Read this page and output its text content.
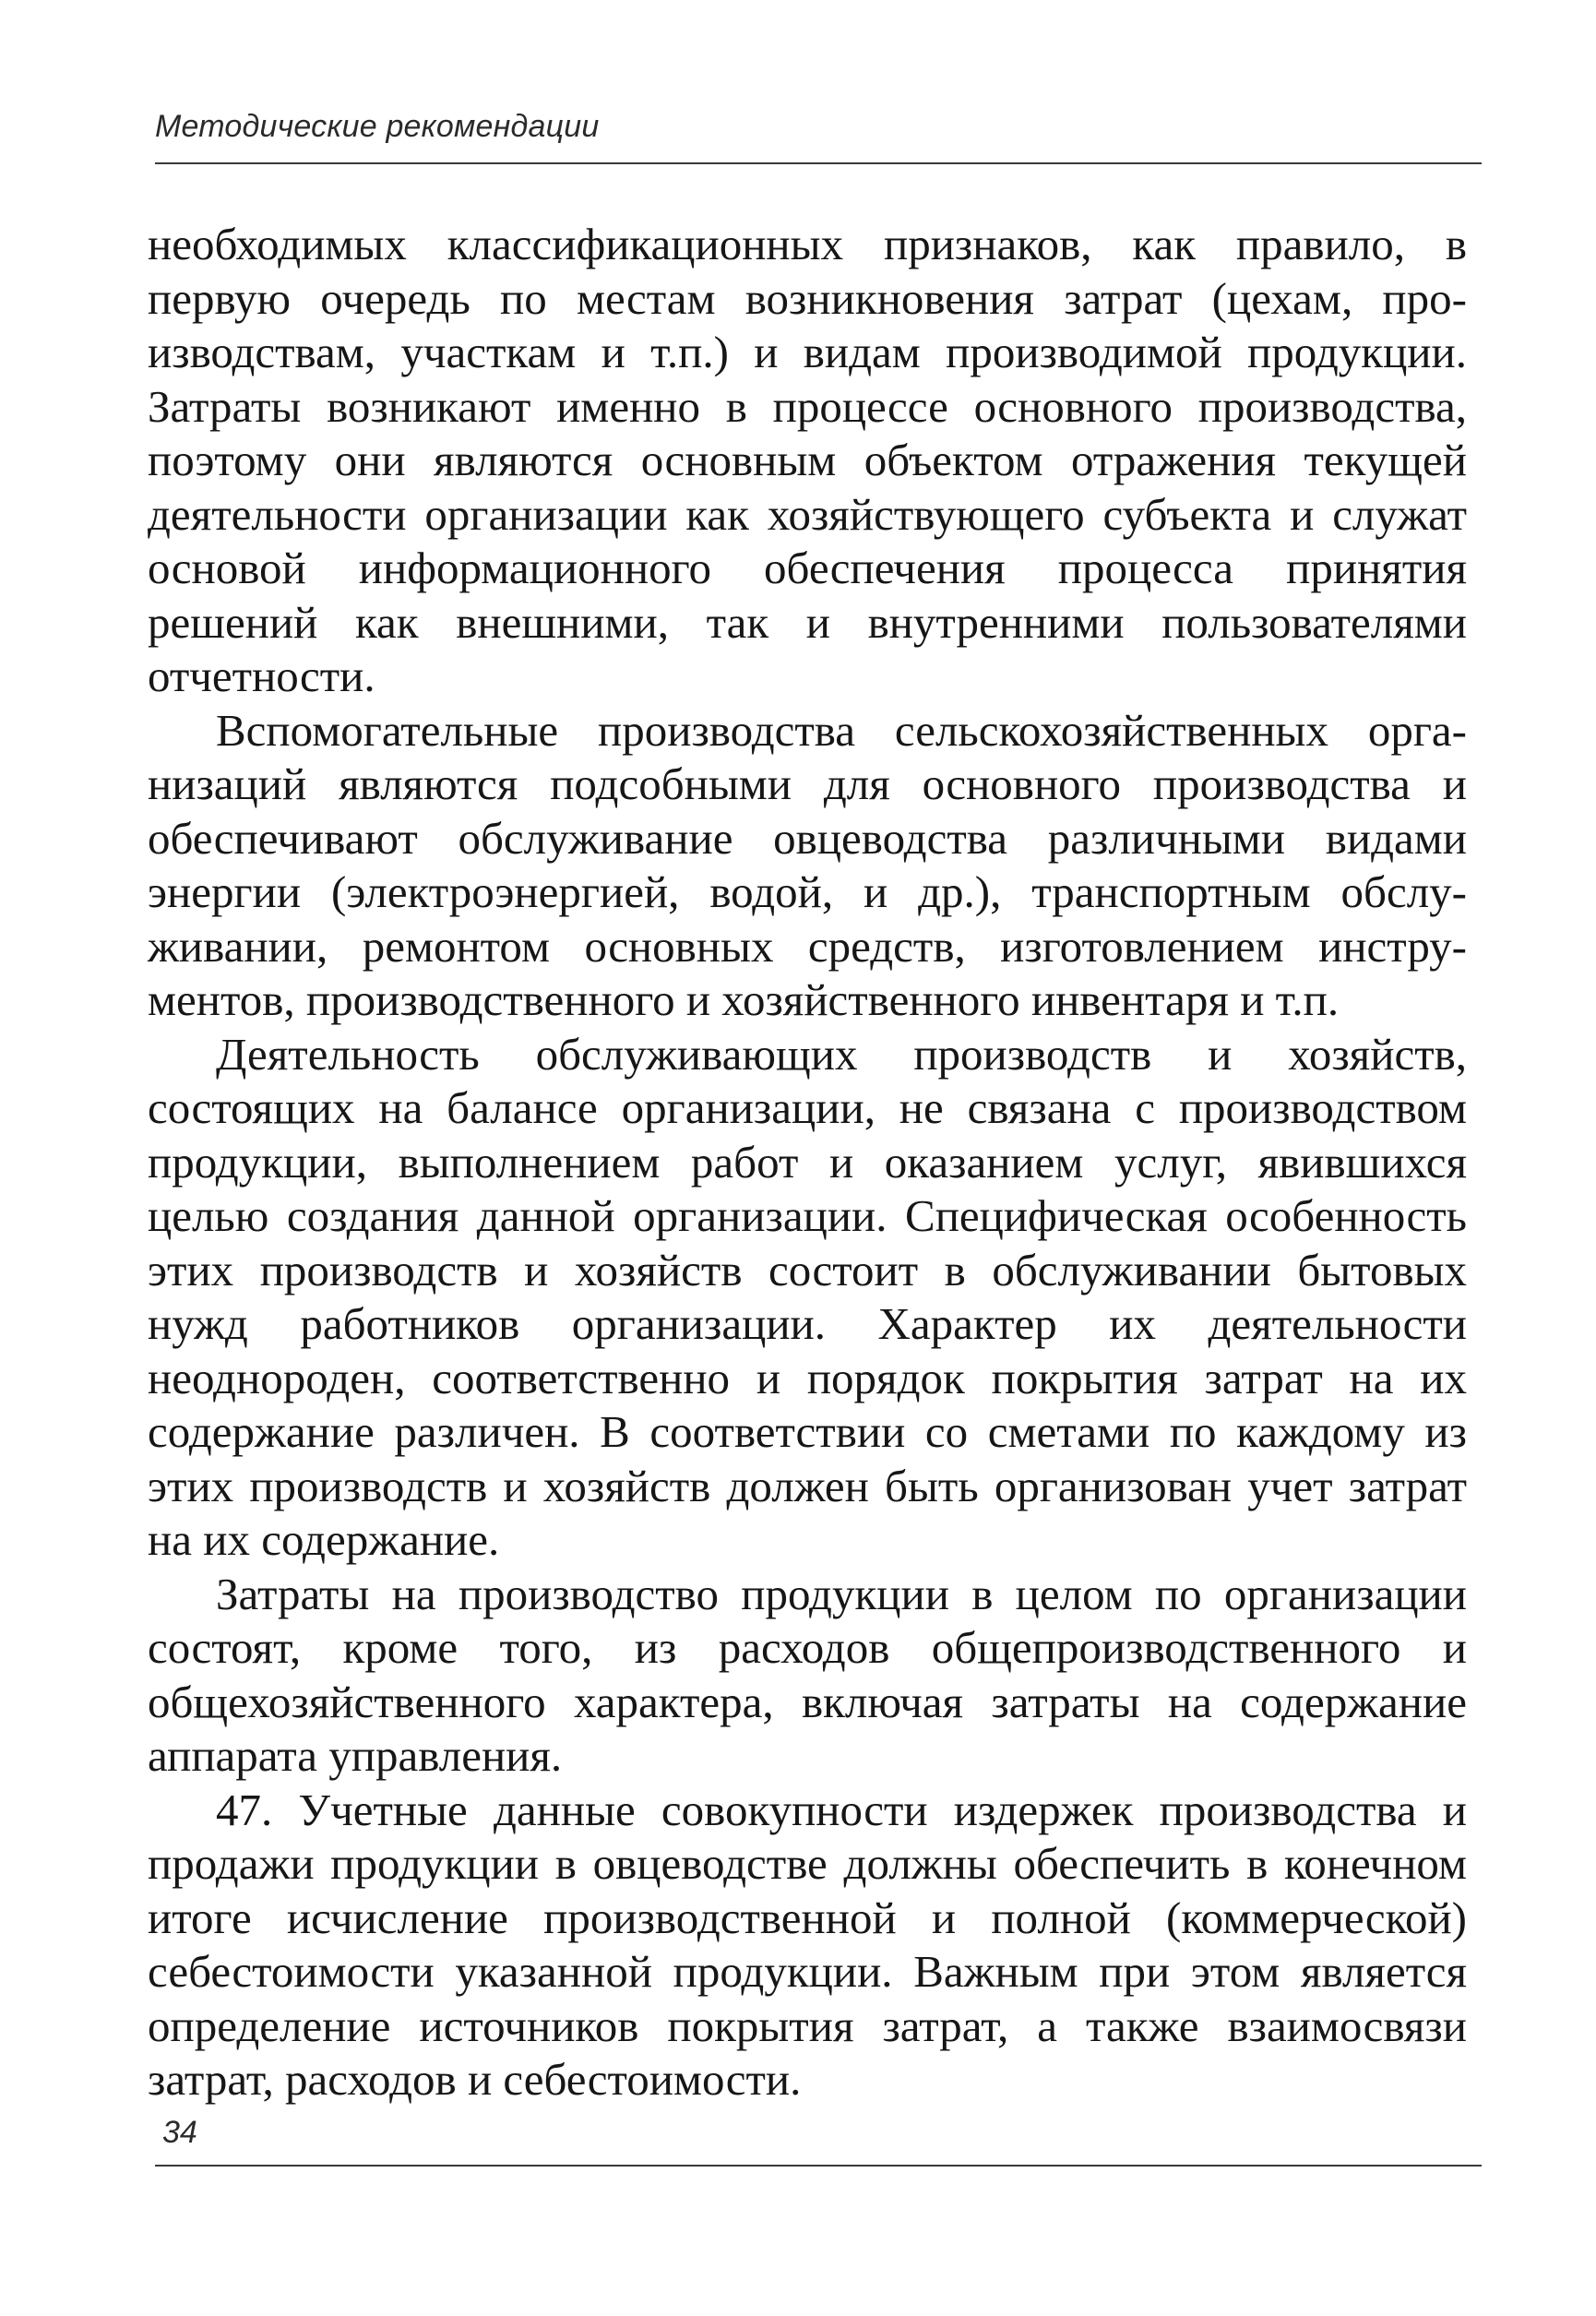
Методические рекомендации

необходимых классификационных признаков, как правило, в первую очередь по местам возникновения затрат (цехам, производствам, участкам и т.п.) и видам производимой продукции. Затраты возникают именно в процессе основного производства, поэтому они являются основным объектом отражения текущей деятельности организации как хозяйствующего субъекта и служат основой информационного обеспечения процесса принятия решений как внешними, так и внутренними пользователями отчетности.

Вспомогательные производства сельскохозяйственных организаций являются подсобными для основного производства и обеспечивают обслуживание овцеводства различными видами энергии (электроэнергией, водой, и др.), транспортным обслуживании, ремонтом основных средств, изготовлением инструментов, производственного и хозяйственного инвентаря и т.п.

Деятельность обслуживающих производств и хозяйств, состоящих на балансе организации, не связана с производством продукции, выполнением работ и оказанием услуг, явившихся целью создания данной организации. Специфическая особенность этих производств и хозяйств состоит в обслуживании бытовых нужд работников организации. Характер их деятельности неоднороден, соответственно и порядок покрытия затрат на их содержание различен. В соответствии со сметами по каждому из этих производств и хозяйств должен быть организован учет затрат на их содержание.

Затраты на производство продукции в целом по организации состоят, кроме того, из расходов общепроизводственного и общехозяйственного характера, включая затраты на содержание аппарата управления.

47. Учетные данные совокупности издержек производства и продажи продукции в овцеводстве должны обеспечить в конечном итоге исчисление производственной и полной (коммерческой) себестоимости указанной продукции. Важным при этом является определение источников покрытия затрат, а также взаимосвязи затрат, расходов и себестоимости.

34
